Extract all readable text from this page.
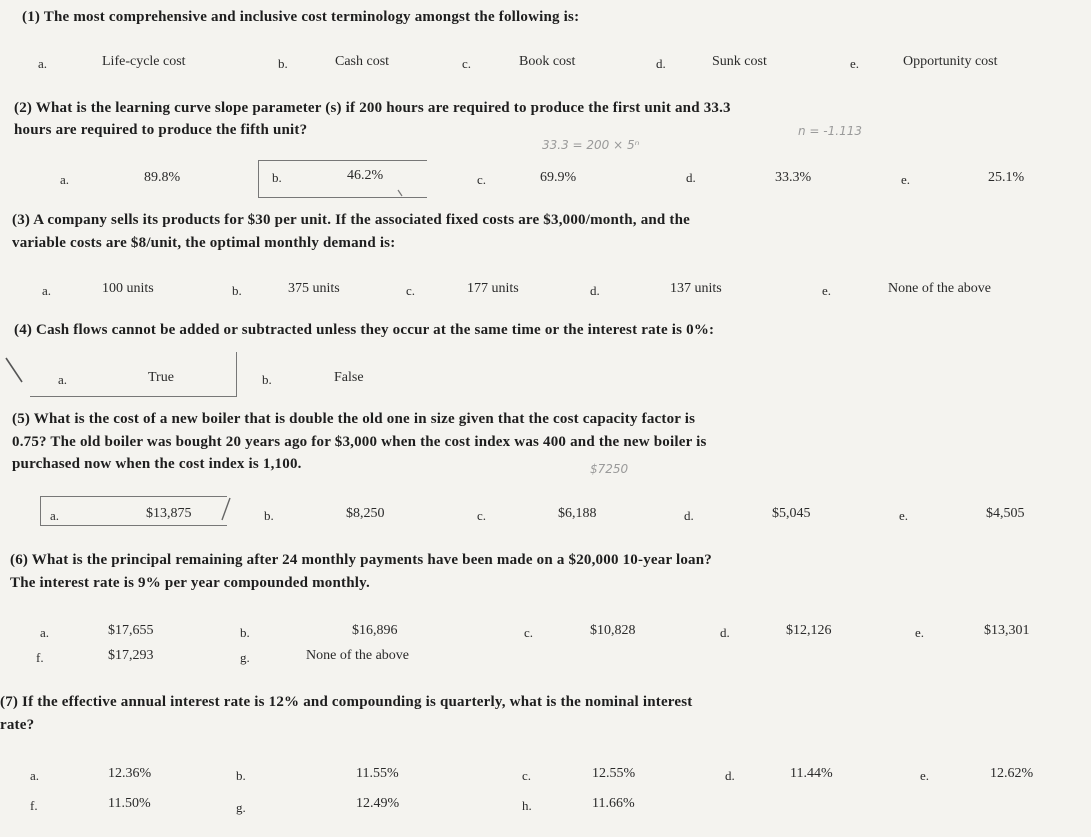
(1) The most comprehensive and inclusive cost terminology amongst the following is:
a.	Life-cycle cost	b.	Cash cost	c.	Book cost	d.	Sunk cost	e.	Opportunity cost
(2) What is the learning curve slope parameter (s) if 200 hours are required to produce the first unit and 33.3
hours are required to produce the fifth unit?
33.3 = 200 × 5ⁿ
n = -1.113
a.	89.8%	b.	46.2%	c.	d.
69.9%	e.
33.3%	25.1%
(3) A company sells its products for $30 per unit. If the associated fixed costs are $3,000/month, and the
variable costs are $8/unit, the optimal monthly demand is:
a.	100 units	b.	375 units	c.	177 units	d.	137 units	e.	None of the above
(4) Cash flows cannot be added or subtracted unless they occur at the same time or the interest rate is 0%:
a.	True	b.	False
(5) What is the cost of a new boiler that is double the old one in size given that the cost capacity factor is
0.75? The old boiler was bought 20 years ago for $3,000 when the cost index was 400 and the new boiler is
purchased now when the cost index is 1,100.	$7250
a.	$13,875	b.	$8,250	c.	$6,188	d.	$5,045	e.	$4,505
(6) What is the principal remaining after 24 monthly payments have been made on a $20,000 10-year loan?
The interest rate is 9% per year compounded monthly.
a.	$17,655	b.	$16,896	c.	$10,828	d.	$12,126	e.	$13,301
f.	$17,293	g.	None of the above
(7) If the effective annual interest rate is 12% and compounding is quarterly, what is the nominal interest
rate?
a.	12.36%	b.	11.55%	c.	12.55%	d.	11.44%	e.	12.62%
f.	11.50%	g.	12.49%	h.	11.66%
